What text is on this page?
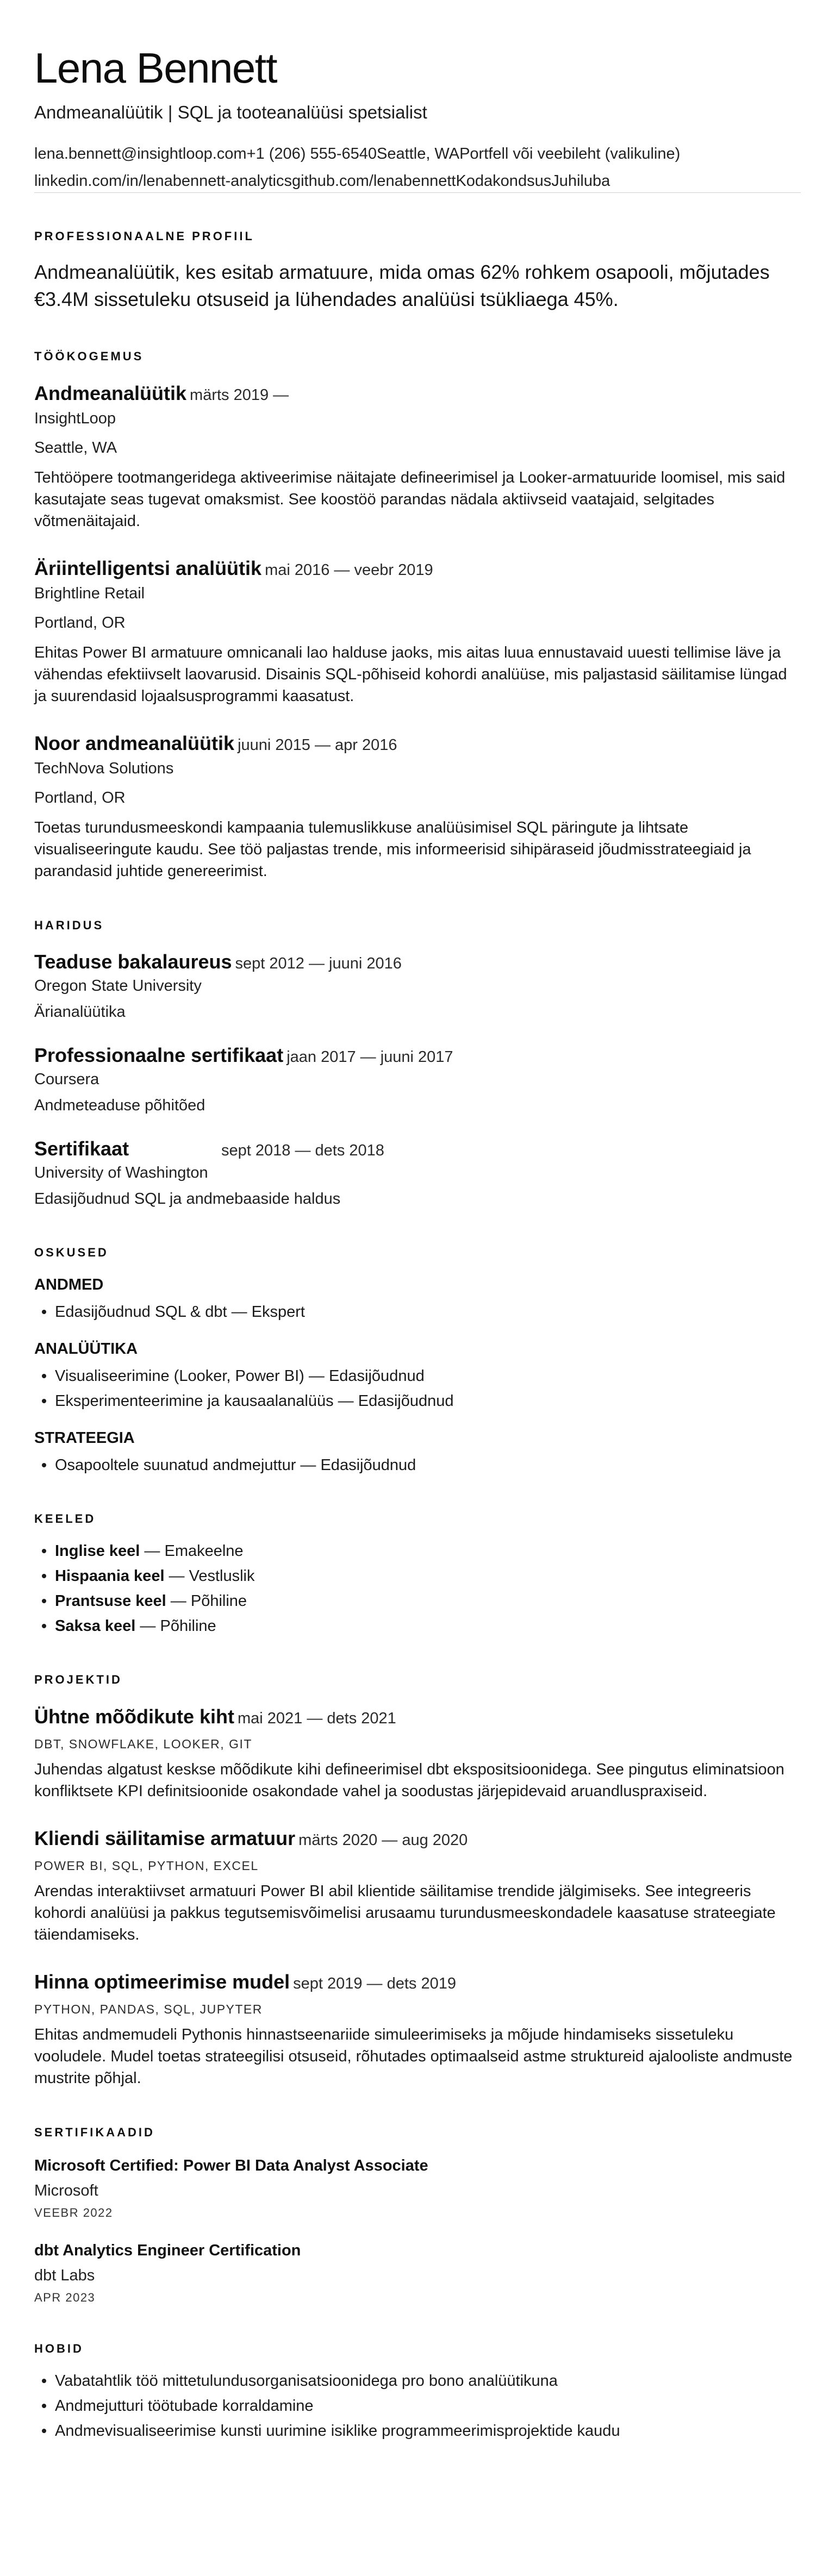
Lena Bennett
Andmeanalüütik | SQL ja tooteanalüüsi spetsialist
lena.bennett@insightloop.com+1 (206) 555-6540Seattle, WAPortfell või veebileht (valikuline)
linkedin.com/in/lenabennett-analyticsgithub.com/lenabennettKodakondsusJuhiluba
PROFESSIONAALNE PROFIIL
Andmeanalüütik, kes esitab armatuure, mida omas 62% rohkem osapooli, mõjutades €3.4M sissetuleku otsuseid ja lühendades analüüsi tsükliaega 45%.
TÖÖKOGEMUS
Andmeanalüütik märts 2019 —
InsightLoop
Seattle, WA
Tehtööpere tootmangeridega aktiveerimise näitajate defineerimisel ja Looker-armatuuride loomisel, mis said kasutajate seas tugevat omaksmist. See koostöö parandas nädala aktiivseid vaatajaid, selgitades võtmenäitajaid.
Äriintelligentsi analüütik mai 2016 — veebr 2019
Brightline Retail
Portland, OR
Ehitas Power BI armatuure omnicanali lao halduse jaoks, mis aitas luua ennustavaid uuesti tellimise läve ja vähendas efektiivselt laovarusid. Disainis SQL-põhiseid kohordi analüüse, mis paljastasid säilitamise lüngad ja suurendasid lojaalsusprogrammi kaasatust.
Noor andmeanalüütik juuni 2015 — apr 2016
TechNova Solutions
Portland, OR
Toetas turundusmeeskondi kampaania tulemuslikkuse analüüsimisel SQL päringute ja lihtsate visualiseeringute kaudu. See töö paljastas trende, mis informeerisid sihipäraseid jõudmisstrateegiaid ja parandasid juhtide genereerimist.
HARIDUS
Teaduse bakalaureus sept 2012 — juuni 2016
Oregon State University
Ärianalüütika
Professionaalne sertifikaat jaan 2017 — juuni 2017
Coursera
Andmeteaduse põhitõed
Sertifikaat	sept 2018 — dets 2018
University of Washington
Edasijõudnud SQL ja andmebaaside haldus
OSKUSED
ANDMED
Edasijõudnud SQL & dbt — Ekspert
ANALÜÜTIKA
Visualiseerimine (Looker, Power BI) — Edasijõudnud
Eksperimenteerimine ja kausaalanalüüs — Edasijõudnud
STRATEEGIA
Osapooltele suunatud andmejuttur — Edasijõudnud
KEELED
Inglise keel — Emakeelne
Hispaania keel — Vestluslik
Prantsuse keel — Põhiline
Saksa keel — Põhiline
PROJEKTID
Ühtne mõõdikute kiht mai 2021 — dets 2021
DBT, SNOWFLAKE, LOOKER, GIT
Juhendas algatust keskse mõõdikute kihi defineerimisel dbt ekspositsioonidega. See pingutus eliminatsioon konfliktsete KPI definitsioonide osakondade vahel ja soodustas järjepidevaid aruandluspraxiseid.
Kliendi säilitamise armatuur märts 2020 — aug 2020
POWER BI, SQL, PYTHON, EXCEL
Arendas interaktiivset armatuuri Power BI abil klientide säilitamise trendide jälgimiseks. See integreeris kohordi analüüsi ja pakkus tegutsemisvõimelisi arusaamu turundusmeeskondadele kaasatuse strateegiate täiendamiseks.
Hinna optimeerimise mudel sept 2019 — dets 2019
PYTHON, PANDAS, SQL, JUPYTER
Ehitas andmemudeli Pythonis hinnastseenariide simuleerimiseks ja mõjude hindamiseks sissetuleku vooludele. Mudel toetas strateegilisi otsuseid, rõhutades optimaalseid astme struktureid ajalooliste andmuste mustrite põhjal.
SERTIFIKAADID
Microsoft Certified: Power BI Data Analyst Associate
Microsoft
VEEBR 2022
dbt Analytics Engineer Certification
dbt Labs
APR 2023
HOBID
Vabatahtlik töö mittetulundusorganisatsioonidega pro bono analüütikuna
Andmejutturi töötubade korraldamine
Andmevisualiseerimise kunsti uurimine isiklike programmeerimisprojektide kaudu
